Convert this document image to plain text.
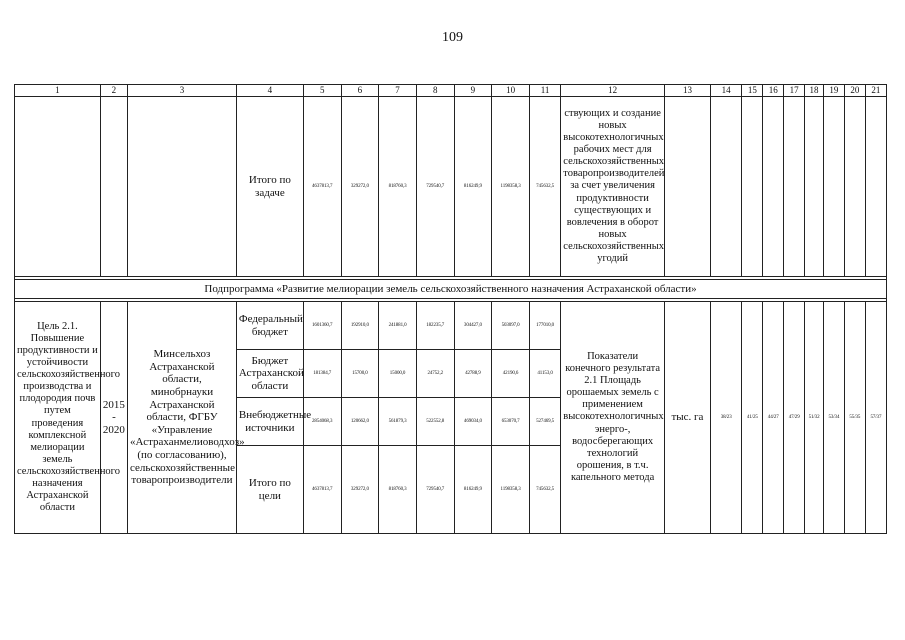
109
1	2	3	4	5	6	7	8	9	10	11	12	13	14	15	16	17	18	19	20	21
			Итого по задаче	4637813,7	329272,0	818760,3	729540,7	816249,9	1198358,3	745632,5	ствующих и создание новых высокотехнологичных рабочих мест для сельскохозяйственных товаропроизводителей за счет увеличения продуктивности существующих и вовлечения в оборот новых сельскохозяйственных угодий									

Подпрограмма «Развитие мелиорации земель сельскохозяйственного назначения Астраханской области»																				

Цель 2.1. Повышение продуктивности и устойчивости сельскохозяйственного производства и плодородия почв путем проведения комплексной мелиорации земель сельскохозяйственного назначения Астраханской области	2015 - 2020	Минсельхоз Астраханской области, минобрнауки Астраханской области, ФГБУ «Управление «Астраханмелиоводхоз» (по согласованию), сельскохозяйственные товаропроизводители	Федеральный бюджет	1601360,7	192910,0	241881,0	182235,7	304427,0	503097,0	177010,0	Показатели конечного результата 2.1 Площадь орошаемых земель с применением высокотехнологичных энерго-, водосберегающих технологий орошения, в т.ч. капельного метода	тыс. га	38/23	41/25	44/27	47/29	51/32	53/34	55/35	57/37
			Бюджет Астраханской области	181384,7	15700,0	15000,0	24752,2	42788,9	42190,6	41153,0										
			Внебюджетные источники	2854068,3	120662,0	561879,3	522552,8	469034,0	653070,7	527469,5										
			Итого по цели	4637813,7	329272,0	818760,3	729540,7	816249,9	1198358,3	745632,5										
